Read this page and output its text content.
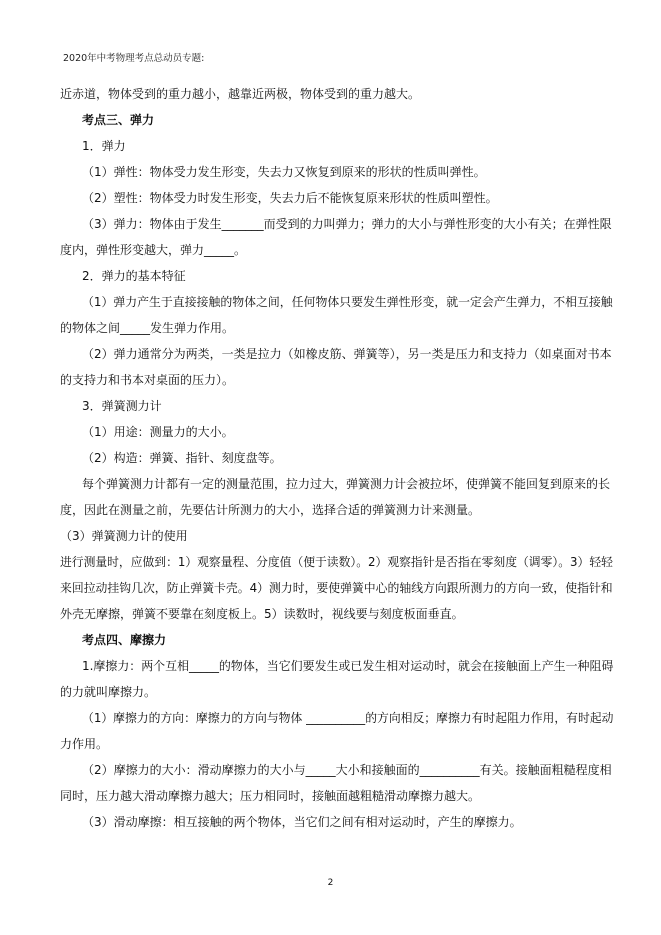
2020年中考物理考点总动员专题:
近赤道，物体受到的重力越小，越靠近两极，物体受到的重力越大。
考点三、弹力
1．弹力
（1）弹性：物体受力发生形变，失去力又恢复到原来的形状的性质叫弹性。
（2）塑性：物体受力时发生形变，失去力后不能恢复原来形状的性质叫塑性。
（3）弹力：物体由于发生_______而受到的力叫弹力；弹力的大小与弹性形变的大小有关；在弹性限
度内，弹性形变越大，弹力_____。
2．弹力的基本特征
（1）弹力产生于直接接触的物体之间，任何物体只要发生弹性形变，就一定会产生弹力，不相互接触
的物体之间_____发生弹力作用。
（2）弹力通常分为两类，一类是拉力（如橡皮筋、弹簧等），另一类是压力和支持力（如桌面对书本
的支持力和书本对桌面的压力）。
3．弹簧测力计
（1）用途：测量力的大小。
（2）构造：弹簧、指针、刻度盘等。
每个弹簧测力计都有一定的测量范围，拉力过大，弹簧测力计会被拉坏，使弹簧不能回复到原来的长
度，因此在测量之前，先要估计所测力的大小，选择合适的弹簧测力计来测量。
（3）弹簧测力计的使用
进行测量时，应做到：1）观察量程、分度值（便于读数）。2）观察指针是否指在零刻度（调零）。3）轻轻
来回拉动挂钩几次，防止弹簧卡壳。4）测力时，要使弹簧中心的轴线方向跟所测力的方向一致，使指针和
外壳无摩擦，弹簧不要靠在刻度板上。5）读数时，视线要与刻度板面垂直。
考点四、摩擦力
1.摩擦力：两个互相_____的物体，当它们要发生或已发生相对运动时，就会在接触面上产生一种阻碍
的力就叫摩擦力。
（1）摩擦力的方向：摩擦力的方向与物体 __________的方向相反；摩擦力有时起阻力作用，有时起动
力作用。
（2）摩擦力的大小：滑动摩擦力的大小与_____大小和接触面的__________有关。接触面粗糙程度相
同时，压力越大滑动摩擦力越大；压力相同时，接触面越粗糙滑动摩擦力越大。
（3）滑动摩擦：相互接触的两个物体，当它们之间有相对运动时，产生的摩擦力。
2
